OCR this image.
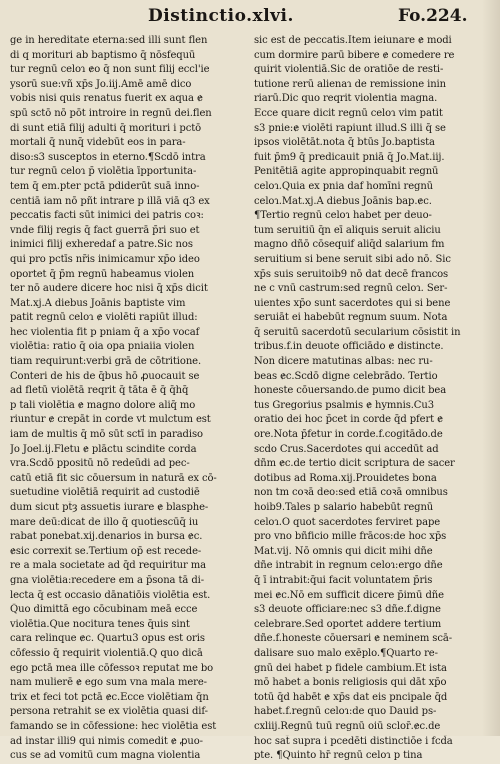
Distinctio.xlvi.	Fo.224.
ge in hereditate eterna:sed illi sunt flen
di q morituri ab baptismo q̄ nōsfequū
tur regnū celoɿ ɇo q̄ non sunt filij eccl'ie
ysorū sue:vñ xp̄s Jo.iij.Amē amē dico
vobis nisi quis renatus fuerit ex aqua ɇ
spū sctō nō pōt introire in regnū dei.flen
di sunt etiā filij adulti q̄ morituri i pctō
mortali q̄ nunq̄ videbūt eos in para-
diso:s3 susceptos in eterno.¶Scdō intra
tur regnū celoɿ p̄ violētia īpportunita-
tem q̄ em.pter pctā pdiderūt suā inno-
centiā iam nō pñt intrare p illā viā q3 ex
peccatis facti sūt inimici dei patris coꝛ:
vnde filij regis q̄ fact guerrā p̄ri suo et
inimici filij exheredaf a patre.Sic nos
qui pro pctīs nr̄is inimicamur xp̄o ideo
oportet q̄ p̄m regnū habeamus violen
ter nō audere dicere hoc nisi q̄ xp̄s dicit
Mat.xj.A diebus Joānis baptiste vim
patit regnū celoɿ ɇ violēti rapiūt illud:
hec violentia fit p pniam q̄ a xp̄o vocaf
violētia: ratio q̄ oia opa pniaiia violen
tiam requirunt:verbi grā de cōtritione.
Conteri de his de q̄bus hō ꝓuocauit se
ad fletū violētā reqrit q̄ tāta ē q̄ q̄hq̄
p tali violētia ɇ magno dolore aliq̄ mo
riuntur ɇ crepāt in corde vt mulctum est
iam de multis q̄ mō sūt sctī in paradiso
Jo Joel.ij.Fletu ɇ plāctu scindite corda
vra.Scdō ppositū nō redeūdi ad pec-
catū etiā fit sic cōuersum in naturā ex cō-
suetudine violētiā requirit ad custodiē
dum sicut pt̄ȝ assuetis iurare ɇ blasphe-
mare deū:dicat de illo q̄ quotiescūq̄ iu
rabat ponebat.xij.denarios in bursa ɇc.
ɇsic correxit se.Tertium op̄ est recede-
re a mala societate ad q̄d requiritur ma
gna violētia:recedere em a p̄sona tā di-
lecta q̄ est occasio dānatiōis violētia est.
Q̄uo dimittā ego cōcubinam meā ecce
violētia.Que nocitura tenes q̄uis sint
cara relinque ɇc. Quartu3 opus est oris
cōfessio q̄ requirit violentiā.Q quo dicā
ego pctā mea ille cōfessoꝛ reputat me bo
nam mulierē ɇ ego sum vna mala mere-
trix et feci tot pctā ɇc.Ecce violētiam q̄n
persona retrahit se ex violētia quasi dif-
famando se in cōfessione: hec violētia est
ad instar illi9 qui nimis comedit ɇ ꝓuo-
cus se ad vomitū cum magna violentia
sic est de peccatis.Item ieiunare ɇ modi
cum dormire parū bibere ɇ comedere re
quirit violentiā.Sic de oratiōe de resti-
tutione rerū alienaɿ de remissione inin
riarū.Dic quo reqrit violentia magna.
Ecce quare dicit regnū celoɿ vim patit
s3 pnie:ɇ violēti rapiunt illud.S illi q̄ se
ipsos violētāt.nota q̄ btūs Jo.baptista
fuit p̄m9 q̄ predicauit pniā q̄ Jo.Mat.iij.
Penitētiā agite appropinquabit regnū
celoɿ.Quia ex pnia daf homīni regnū
celoɿ.Mat.xj.A diebus Joānis bap.ɇc.
¶Tertio regnū celoɿ habet per deuo-
tum seruitiū q̄n eī aliquis seruit aliciu
magno dñō cōsequif aliq̄d salarium fm
seruitium si bene seruit sibi ad̄o nō. Sic
xp̄s suis seruitoib9 nō dat decē francos
ne c vnū castrum:sed regnū celoɿ. Ser-
uientes xp̄o sunt sacerdotes qui si bene
seruiāt ei habebūt regnum suum. Nota
q̄ seruitū sacerdotū secularium cōsistit in
tribus.f.in deuote officiādo ɇ distincte.
Non dicere matutinas albas: nec ru-
beas ɇc.Scdō digne celebrādo. Tertio
honeste cōuersando.de pumo dicit bea
tus Gregorius psalmis ɇ hymnis.Cu3
oratio dei hoc p̄cet in corde q̄d pfert ɇ
ore.Nota p̄fetur in corde.f.cogitādo.de
scdo Crus.Sacerdotes qui accedūt ad
dñm ɇc.de tertio dicit scriptura de sacer
dotibus ad Roma.xij.Prouidetes bona
non tm coꝛā deo:sed etiā coꝛā omnibus
hoib9.Tales p salario habebūt regnū
celoɿ.O quot sacerdotes ferviret pape
pro vno bñficio mille frācos:de hoc xp̄s
Mat.vij. Nō omnis qui dicit mihi dñe
dñe intrabit in regnum celoɿ:ergo dñe
q̄ ī intrabit:q̄ui facit voluntatem p̄ris
mei ɇc.Nō em sufficit dicere p̄imū dñe
s3 deuote officiare:nec s3 dñe.f.digne
celebrare.Sed oportet addere tertium
dñe.f.honeste cōuersari ɇ neminem scā-
dalisare suo malo exēplo.¶Quarto re-
gnū dei habet p fidele cambium.Et ista
mō habet a bonis religiosis qui dāt xp̄o
totū q̄d habēt ɇ xp̄s dat eis pncipale q̄d
habet.f.regnū celoɿ:de quo Dauid ps-
cxliij.Regnū tuū regnū oiū sclor̄.ɇc.de
hoc sat̄ supra i pcedēti distinctiōe i fcd̄a
pte. ¶Quinto hr̄ regnū celoɿ p tina
